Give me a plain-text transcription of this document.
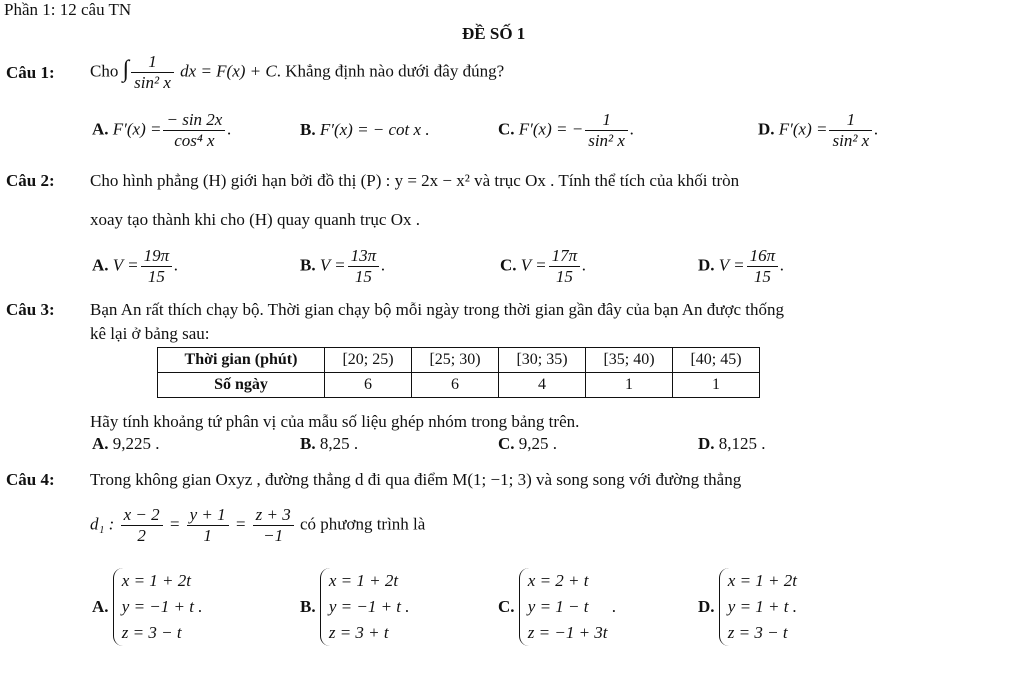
Phần 1: 12 câu TN
ĐỀ SỐ 1
Câu 1: Cho ∫ $\frac{1}{\text{sin² x}}$ dx = F(x) + C. Khẳng định nào dưới đây đúng?
A. $F'(x) = \frac{- \sin 2x}{\text{cos⁴ x}}$ .	B. F′(x) = − cot x .	C. F′(x) = − $\frac{1}{\text{sin² x}}$ .	D. $F'(x) = \frac{1}{\text{sin² x}}$ .
Câu 2: Cho hình phẳng (H) giới hạn bởi đồ thị (P) : y = 2x − x² và trục Ox . Tính thể tích của khối tròn
xoay tạo thành khi cho (H) quay quanh trục Ox .
A. $V = \frac{19\pi}{15}$ .	B. $V = \frac{13\pi}{15}$ .	C. $V = \frac{17\pi}{15}$ .	D. $V = \frac{16\pi}{15}$ .
Câu 3: Bạn An rất thích chạy bộ. Thời gian chạy bộ mỗi ngày trong thời gian gần đây của bạn An được thống
kê lại ở bảng sau:
Thời gian (phút)	[20; 25)	[25; 30)	[30; 35)	[35; 40)	[40; 45)
Số ngày	6	6	4	1	1
Hãy tính khoảng tứ phân vị của mẫu số liệu ghép nhóm trong bảng trên.
A. 9,225 .	B. 8,25 .	C. 9,25 .	D. 8,125 .
Câu 4: Trong không gian Oxyz , đường thẳng d đi qua điểm M(1; −1; 3) và song song với đường thẳng
d₁ : $\frac{x - 2}{2} = \frac{y + 1}{1} = \frac{z + 3}{-1}$ có phương trình là
A.
x = 1 + 2t
y = −1 + t .
z = 3 − t
B.
x = 1 + 2t
y = −1 + t .
z = 3 + t
C.
x = 2 + t
y = 1 − t
z = −1 + 3t
.	D.
x = 1 + 2t
y = 1 + t .
z = 3 − t
